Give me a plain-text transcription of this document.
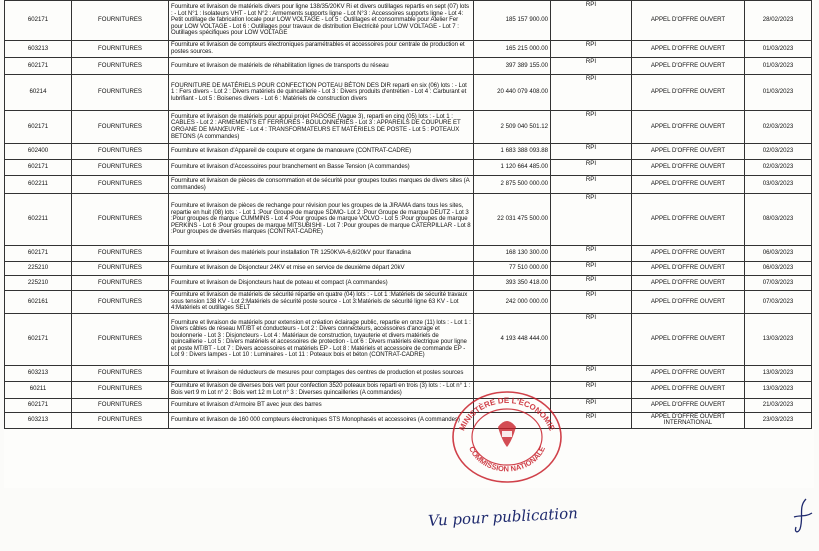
602171	FOURNITURES	Fourniture et livraison de matériels divers pour ligne 138/35/20KV Ri et divers outillages repartis en sept (07) lots : - Lot N°1 : Isolateurs VHT - Lot N°2 : Armements supports ligne - Lot N°3 : Accessoires supports ligne - Lot 4: Petit outillage de fabrication locale pour LOW VOLTAGE - Lot 5 : Outillages et consommable pour Atelier Fer pour LOW VOLTAGE - Lot 6 : Outillages pour travaux de distribution Electricité pour LOW VOLTAGE - Lot 7 : Outillages spécifiques pour LOW VOLTAGE	185 157 900.00	RPI	APPEL D'OFFRE OUVERT	28/02/2023
603213	FOURNITURES	Fourniture et livraison de compteurs électroniques paramétrables et accessoires pour centrale de production et postes sources.	165 215 000.00	RPI	APPEL D'OFFRE OUVERT	01/03/2023
602171	FOURNITURES	Fourniture et livraison de matériels de réhabilitation lignes de transports du réseau	397 389 155.00	RPI	APPEL D'OFFRE OUVERT	01/03/2023
60214	FOURNITURES	FOURNITURE DE MATÉRIELS POUR CONFECTION POTEAU BÉTON DES DIR reparti en six (06) lots : - Lot 1 : Fers divers - Lot 2 : Divers matériels de quincaillerie - Lot 3 : Divers produits d'entretien - Lot 4 : Carburant et lubrifiant - Lot 5 : Boisenes divers - Lot 6 : Matériels de construction divers	20 440 079 408.00	RPI	APPEL D'OFFRE OUVERT	01/03/2023
602171	FOURNITURES	Fourniture et livraison de matériels pour appui projet PAGOSE (Vague 3), reparti en cinq (05) lots : - Lot 1 : CABLES - Lot 2 : ARMEMENTS ET FERRURES - BOULONNERIES - Lot 3 : APPAREILS DE COUPURE ET ORGANE DE MANŒUVRE - Lot 4 : TRANSFORMATEURS ET MATÉRIELS DE POSTE - Lot 5 : POTEAUX BETONS (A commandes)	2 509 040 501.12	RPI	APPEL D'OFFRE OUVERT	02/03/2023
602400	FOURNITURES	Fourniture et livraison d'Appareil de coupure et organe de manœuvre (CONTRAT-CADRE)	1 683 388 093.88	RPI	APPEL D'OFFRE OUVERT	02/03/2023
602171	FOURNITURES	Fourniture et livraison d'Accessoires pour branchement en Basse Tension (A commandes)	1 120 664 485.00	RPI	APPEL D'OFFRE OUVERT	02/03/2023
602211	FOURNITURES	Fourniture et livraison de pièces de consommation et de sécurité pour groupes toutes marques de divers sites (A commandes)	2 875 500 000.00	RPI	APPEL D'OFFRE OUVERT	03/03/2023
602211	FOURNITURES	Fourniture et livraison de pièces de rechange pour révision pour les groupes de la JIRAMA dans tous les sites, repartie en huit (08) lots : - Lot 1 :Pour Groupe de marque SDMO- Lot 2 :Pour Groupe de marque DEUTZ - Lot 3 :Pour groupes de marque CUMMINS - Lot 4 :Pour groupes de marque VOLVO - Lot 5 :Pour groupes de marque PERKINS - Lot 6 :Pour groupes de marque MITSUBISHI - Lot 7 :Pour groupes de marque CATERPILLAR - Lot 8 :Pour groupes de diverses marques (CONTRAT-CADRE)	22 031 475 500.00	RPI	APPEL D'OFFRE OUVERT	08/03/2023
602171	FOURNITURES	Fourniture et livraison des matériels pour installation TR 1250KVA-6,6/20kV pour Ifanadina	168 130 300.00	RPI	APPEL D'OFFRE OUVERT	06/03/2023
225210	FOURNITURES	Fourniture et livraison de Disjoncteur 24KV et mise en service de deuxième départ 20kV	77 510 000.00	RPI	APPEL D'OFFRE OUVERT	06/03/2023
225210	FOURNITURES	Fourniture et livraison de Disjoncteurs haut de poteau et compact (A commandes)	393 350 418.00	RPI	APPEL D'OFFRE OUVERT	07/03/2023
602161	FOURNITURES	Fourniture et livraison de matériels de sécurité répartie en quatre (04) lots : - Lot 1 :Matériels de sécurité travaux sous tension 138 KV - Lot 2:Matériels de sécurité poste source - Lot 3:Matériels de sécurité ligne 63 KV - Lot 4:Matériels et outillages SELT	242 000 000.00	RPI	APPEL D'OFFRE OUVERT	07/03/2023
602171	FOURNITURES	Fourniture et livraison de matériels pour extension et création éclairage public, repartie en onze (11) lots : - Lot 1 : Divers câbles de réseau MT/BT et conducteurs - Lot 2 : Divers connecteurs, accessoires d'ancrage et boulonnerie - Lot 3 : Disjoncteurs - Lot 4 : Matériaux de construction, tuyauterie et divers matériels de quincaillerie - Lot 5 : Divers matériels et accessoires de protection - Lot 6 : Divers matériels électrique pour ligne et poste MT/BT - Lot 7 : Divers accessoires et matériels EP - Lot 8 : Matériels et accessoire de commande EP - Lot 9 : Divers lampes - Lot 10 : Luminaires - Lot 11 : Poteaux bois et béton (CONTRAT-CADRE)	4 193 448 444.00	RPI	APPEL D'OFFRE OUVERT	13/03/2023
603213	FOURNITURES	Fourniture et livraison de réducteurs de mesures pour comptages des centres de production et postes sources		RPI	APPEL D'OFFRE OUVERT	13/03/2023
60211	FOURNITURES	Fourniture et livraison de diverses bois vert pour confection 3520 poteaux bois reparti en trois (3) lots : - Lot n° 1 : Bois vert 9 m Lot n° 2 : Bois vert 12 m Lot n° 3 : Diverses quincailleries (A commandes)		RPI	APPEL D'OFFRE OUVERT	13/03/2023
602171	FOURNITURES	Fourniture et livraison d'Armoire BT avec jeux des barres		RPI	APPEL D'OFFRE OUVERT	21/03/2023
603213	FOURNITURES	Fourniture et livraison de 160 000 compteurs électroniques STS Monophasés et accessoires (A commandes)		RPI	APPEL D'OFFRE OUVERT INTERNATIONAL	23/03/2023
MINISTÈRE DE L'ÉCONOMIE
COMMISSION NATIONALE
Vu pour publication
